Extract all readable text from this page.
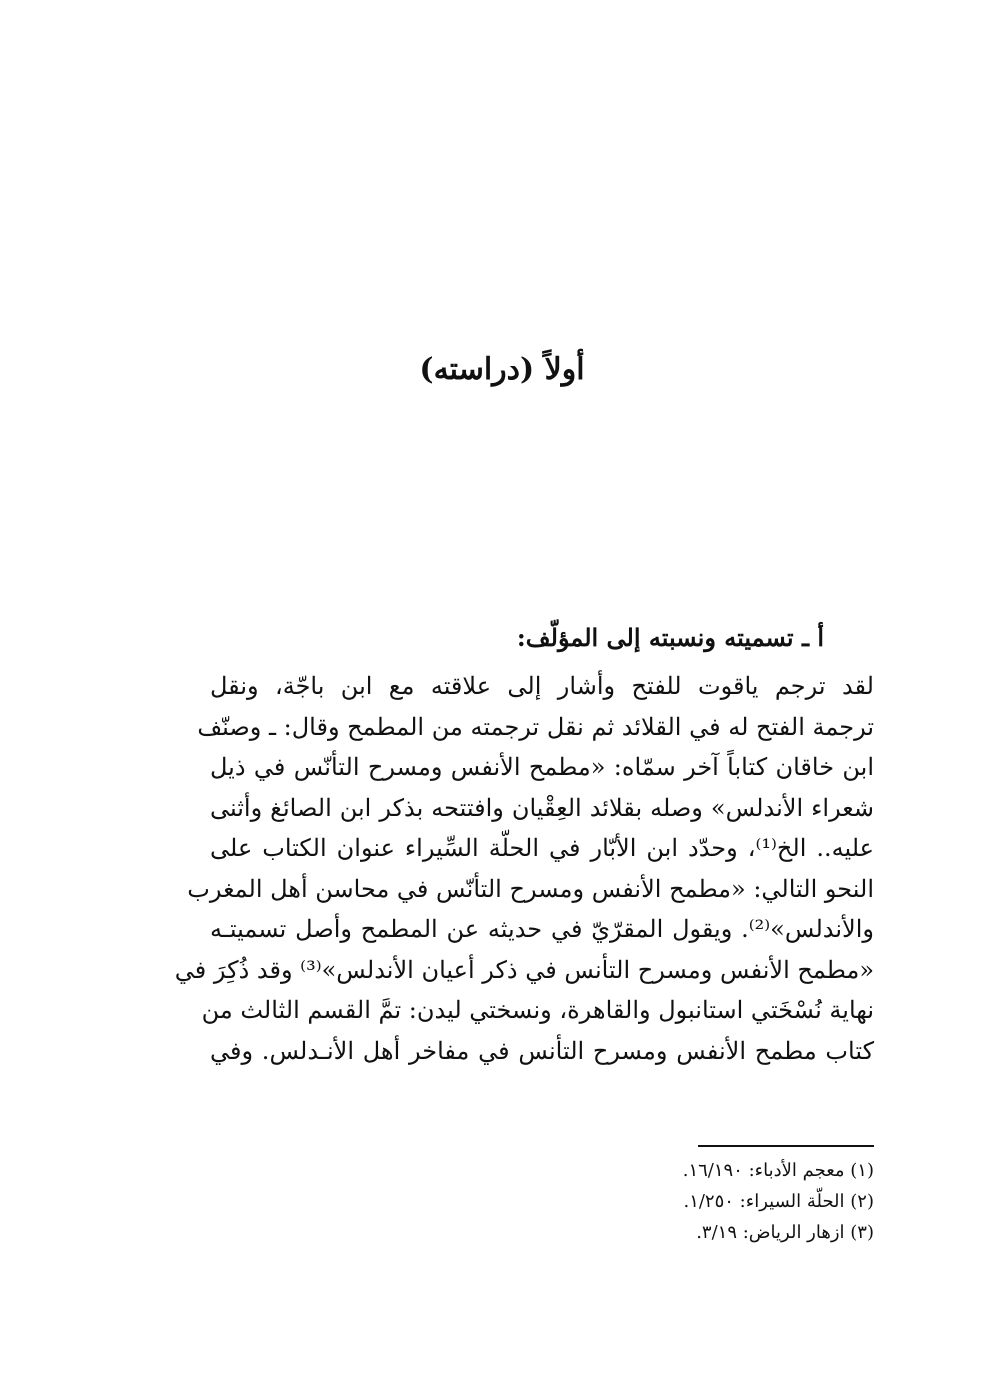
أولاً (دراسته)
أ ـ تسميته ونسبته إلى المؤلّف:

لقد ترجم ياقوت للفتح وأشار إلى علاقته مع ابن باجّة، ونقل
ترجمة الفتح له في القلائد ثم نقل ترجمته من المطمح وقال: ـ وصنّف
ابن خاقان كتاباً آخر سمّاه: «مطمح الأنفس ومسرح التأنّس في ذيل
شعراء الأندلس» وصله بقلائد العِقْيان وافتتحه بذكر ابن الصائغ وأثنى
عليه.. الخ⁽¹⁾، وحدّد ابن الأبّار في الحلّة السِّيراء عنوان الكتاب على
النحو التالي: «مطمح الأنفس ومسرح التأنّس في محاسن أهل المغرب
والأندلس»⁽²⁾. ويقول المقرّيّ في حديثه عن المطمح وأصل تسميتـه
«مطمح الأنفس ومسرح التأنس في ذكر أعيان الأندلس»⁽³⁾ وقد ذُكِرَ في
نهاية نُسْخَتي استانبول والقاهرة، ونسختي ليدن: تمَّ القسم الثالث من
كتاب مطمح الأنفس ومسرح التأنس في مفاخر أهل الأنـدلس. وفي

(١) معجم الأدباء: ١٦/١٩٠.
(٢) الحلّة السيراء: ١/٢٥٠.
(٣) ازهار الرياض: ٣/١٩.
